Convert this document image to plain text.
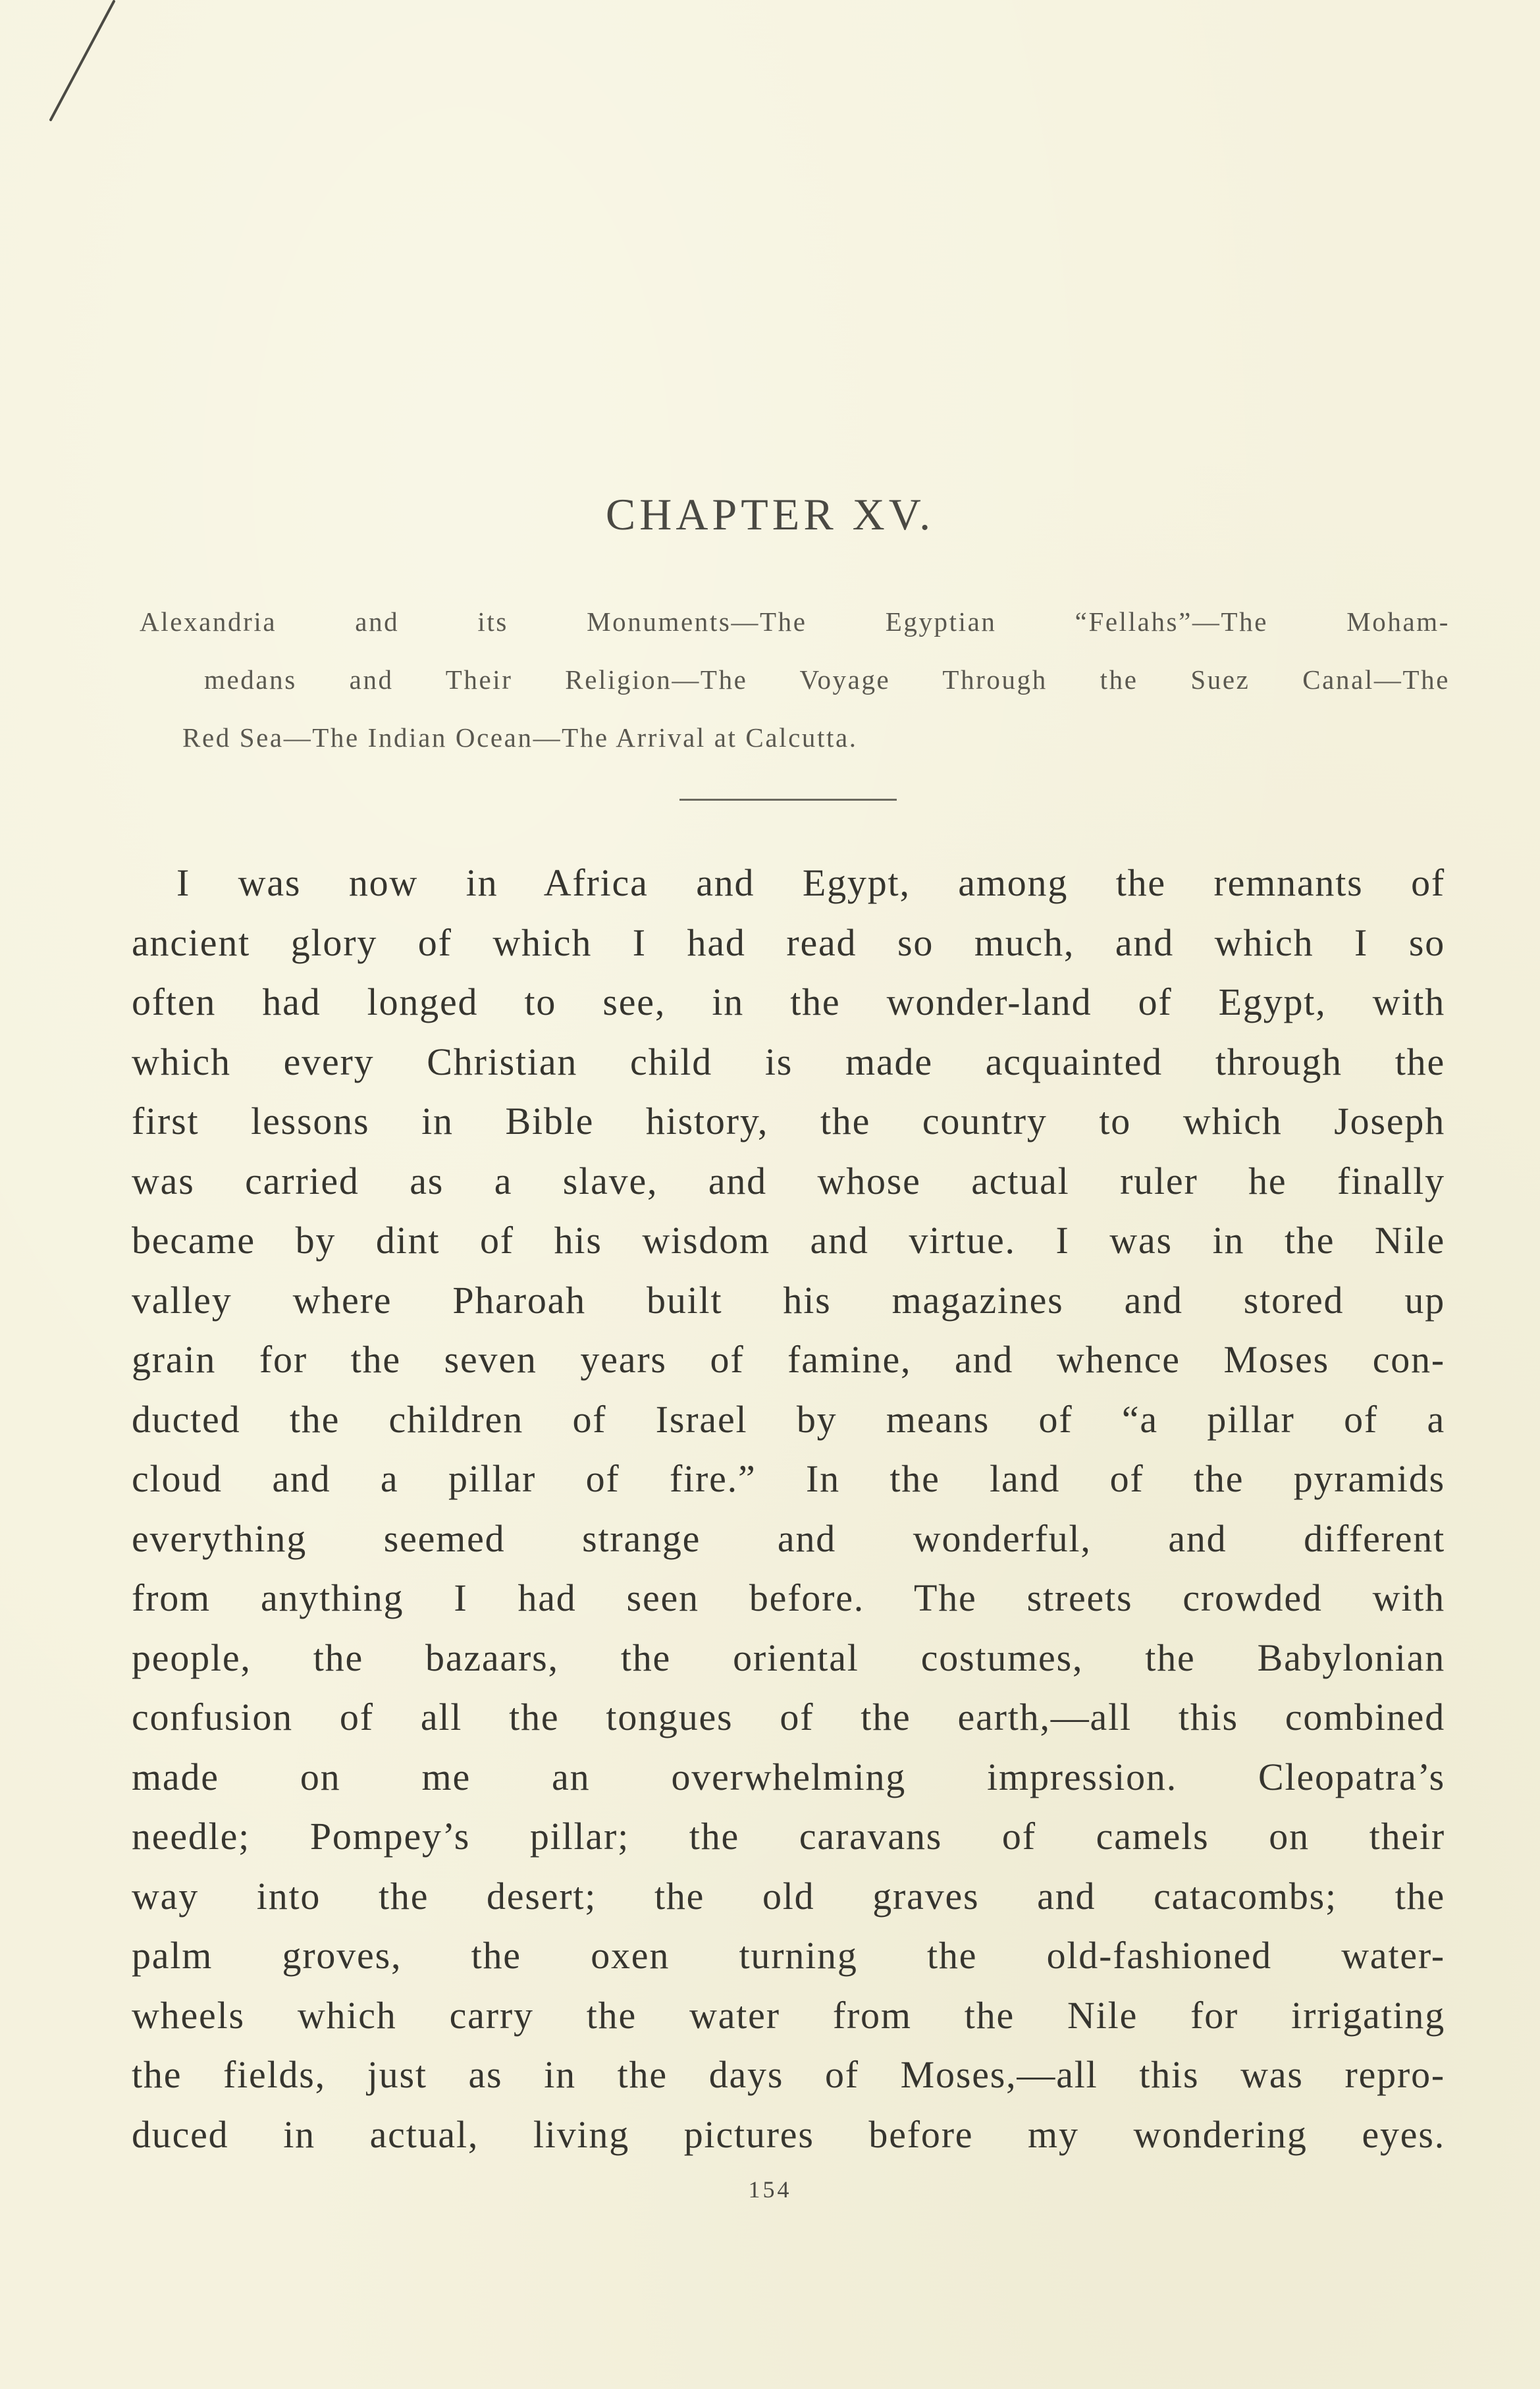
CHAPTER XV.
Alexandria and its Monuments—The Egyptian “Fellahs”—The Moham-
medans and Their Religion—The Voyage Through the Suez Canal—The
Red Sea—The Indian Ocean—The Arrival at Calcutta.
I was now in Africa and Egypt, among the remnants of
ancient glory of which I had read so much, and which I so
often had longed to see, in the wonder-land of Egypt, with
which every Christian child is made acquainted through the
first lessons in Bible history, the country to which Joseph
was carried as a slave, and whose actual ruler he finally
became by dint of his wisdom and virtue. I was in the Nile
valley where Pharoah built his magazines and stored up
grain for the seven years of famine, and whence Moses con-
ducted the children of Israel by means of “a pillar of a
cloud and a pillar of fire.” In the land of the pyramids
everything seemed strange and wonderful, and different
from anything I had seen before. The streets crowded with
people, the bazaars, the oriental costumes, the Babylonian
confusion of all the tongues of the earth,—all this combined
made on me an overwhelming impression. Cleopatra’s
needle; Pompey’s pillar; the caravans of camels on their
way into the desert; the old graves and catacombs; the
palm groves, the oxen turning the old-fashioned water-
wheels which carry the water from the Nile for irrigating
the fields, just as in the days of Moses,—all this was repro-
duced in actual, living pictures before my wondering eyes.
154
